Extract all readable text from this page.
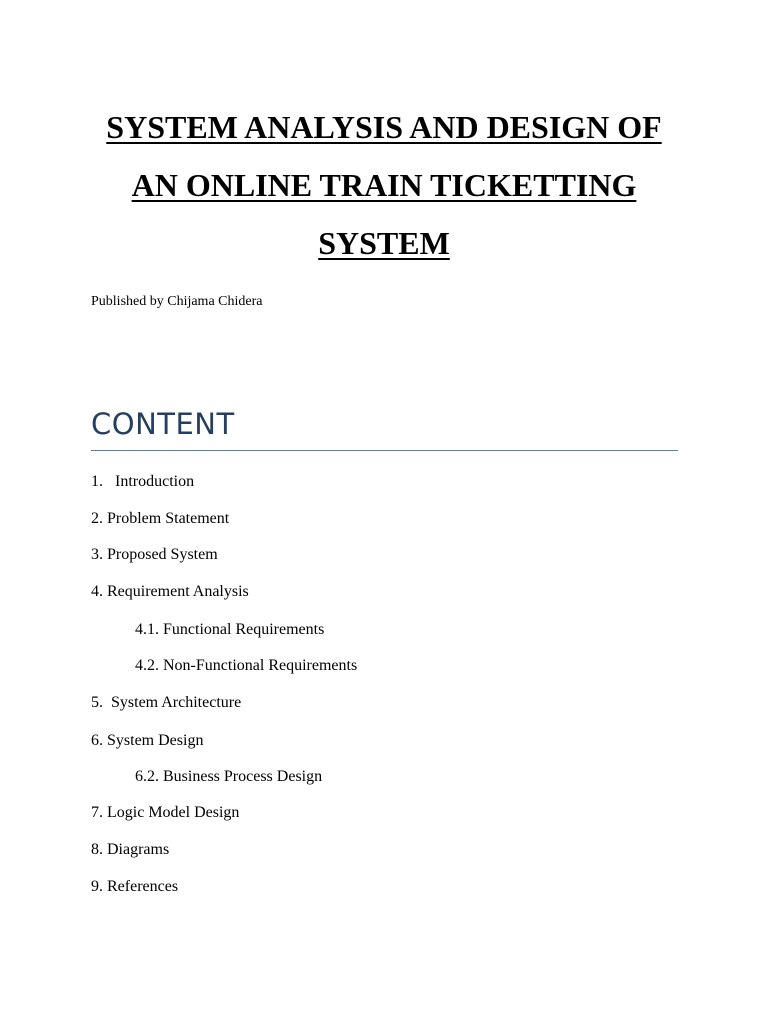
SYSTEM ANALYSIS AND DESIGN OF
AN ONLINE TRAIN TICKETTING
SYSTEM
Published by Chijama Chidera
CONTENT
1.   Introduction
2. Problem Statement
3. Proposed System
4. Requirement Analysis
4.1. Functional Requirements
4.2. Non-Functional Requirements
5.  System Architecture
6. System Design
6.2. Business Process Design
7. Logic Model Design
8. Diagrams
9. References
